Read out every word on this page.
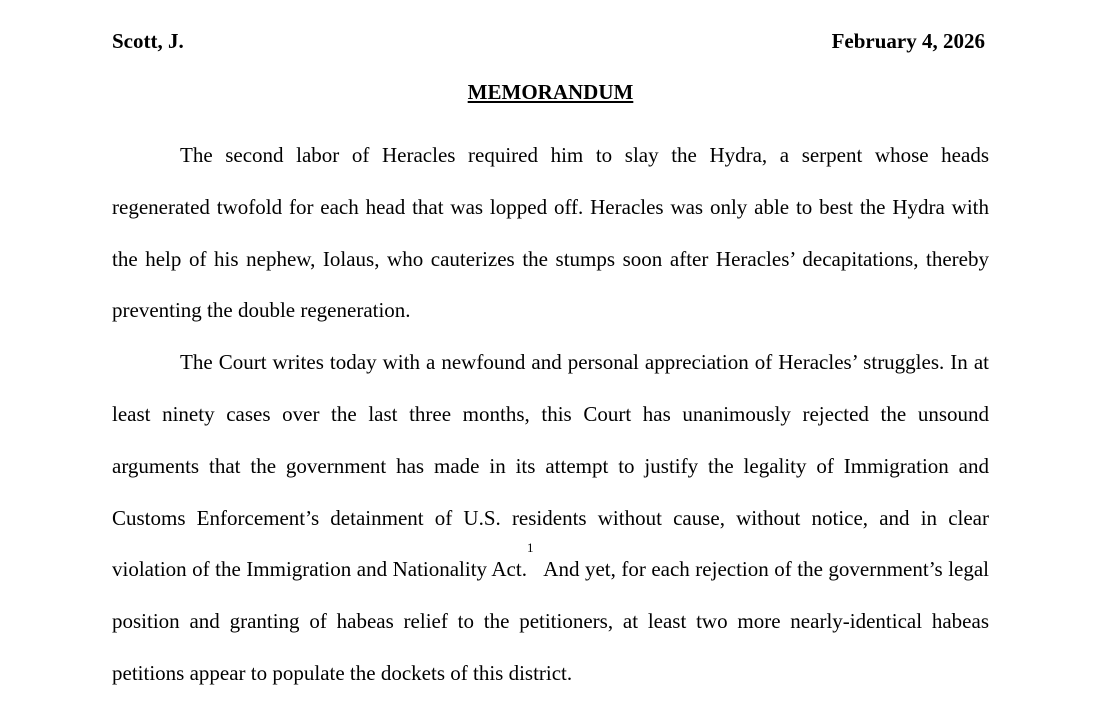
Scott, J.	February 4, 2026
MEMORANDUM

The second labor of Heracles required him to slay the Hydra, a serpent whose heads regenerated twofold for each head that was lopped off. Heracles was only able to best the Hydra with the help of his nephew, Iolaus, who cauterizes the stumps soon after Heracles’ decapitations, thereby preventing the double regeneration.

The Court writes today with a newfound and personal appreciation of Heracles’ struggles. In at least ninety cases over the last three months, this Court has unanimously rejected the unsound arguments that the government has made in its attempt to justify the legality of Immigration and Customs Enforcement’s detainment of U.S. residents without cause, without notice, and in clear violation of the Immigration and Nationality Act.$^1$  And yet, for each rejection of the government’s legal position and granting of habeas relief to the petitioners, at least two more nearly-identical habeas petitions appear to populate the dockets of this district.
